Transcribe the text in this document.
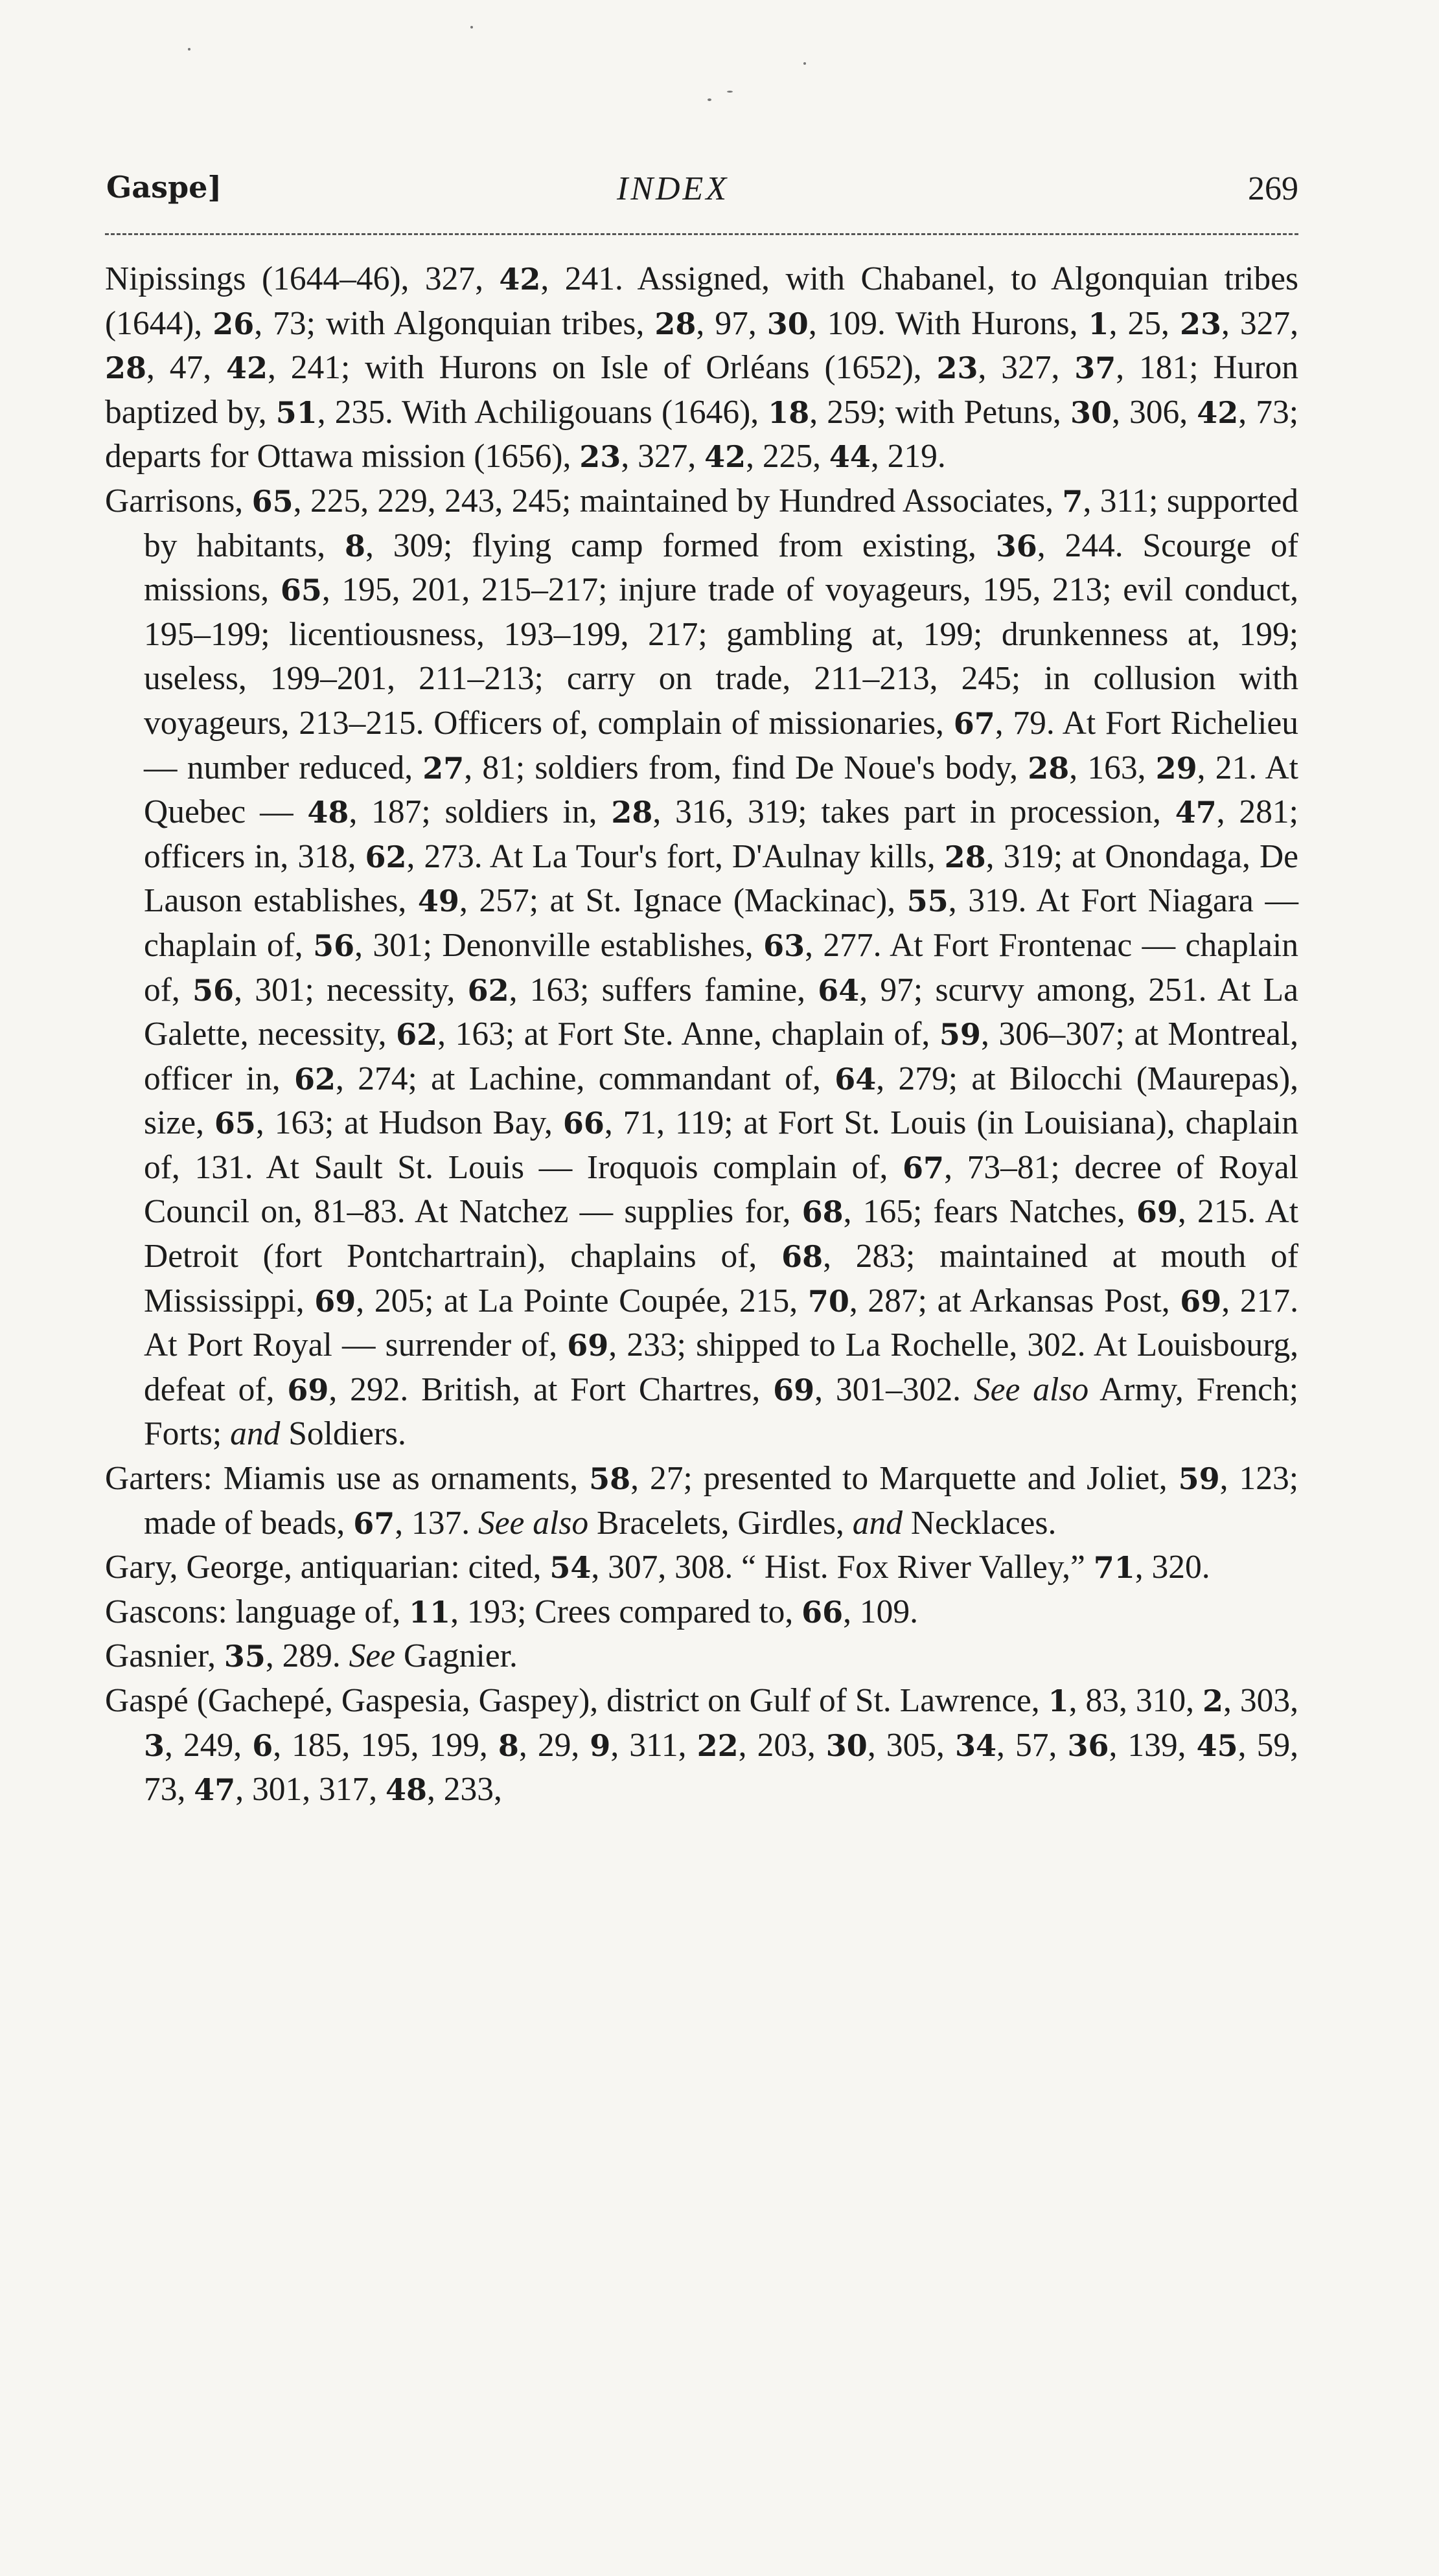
Gaspe]	INDEX	269

Nipissings (1644–46), 327, 42, 241. Assigned, with Chabanel, to Algonquian tribes (1644), 26, 73; with Algonquian tribes, 28, 97, 30, 109. With Hurons, 1, 25, 23, 327, 28, 47, 42, 241; with Hurons on Isle of Orléans (1652), 23, 327, 37, 181; Huron baptized by, 51, 235. With Achiligouans (1646), 18, 259; with Petuns, 30, 306, 42, 73; departs for Ottawa mission (1656), 23, 327, 42, 225, 44, 219.

Garrisons, 65, 225, 229, 243, 245; maintained by Hundred Associates, 7, 311; supported by habitants, 8, 309; flying camp formed from existing, 36, 244. Scourge of missions, 65, 195, 201, 215–217; injure trade of voyageurs, 195, 213; evil conduct, 195–199; licentiousness, 193–199, 217; gambling at, 199; drunkenness at, 199; useless, 199–201, 211–213; carry on trade, 211–213, 245; in collusion with voyageurs, 213–215. Officers of, complain of missionaries, 67, 79. At Fort Richelieu — number reduced, 27, 81; soldiers from, find De Noue's body, 28, 163, 29, 21. At Quebec — 48, 187; soldiers in, 28, 316, 319; takes part in procession, 47, 281; officers in, 318, 62, 273. At La Tour's fort, D'Aulnay kills, 28, 319; at Onondaga, De Lauson establishes, 49, 257; at St. Ignace (Mackinac), 55, 319. At Fort Niagara — chaplain of, 56, 301; Denonville establishes, 63, 277. At Fort Frontenac — chaplain of, 56, 301; necessity, 62, 163; suffers famine, 64, 97; scurvy among, 251. At La Galette, necessity, 62, 163; at Fort Ste. Anne, chaplain of, 59, 306–307; at Montreal, officer in, 62, 274; at Lachine, commandant of, 64, 279; at Bilocchi (Maurepas), size, 65, 163; at Hudson Bay, 66, 71, 119; at Fort St. Louis (in Louisiana), chaplain of, 131. At Sault St. Louis — Iroquois complain of, 67, 73–81; decree of Royal Council on, 81–83. At Natchez — supplies for, 68, 165; fears Natches, 69, 215. At Detroit (fort Pontchartrain), chaplains of, 68, 283; maintained at mouth of Mississippi, 69, 205; at La Pointe Coupée, 215, 70, 287; at Arkansas Post, 69, 217. At Port Royal — surrender of, 69, 233; shipped to La Rochelle, 302. At Louisbourg, defeat of, 69, 292. British, at Fort Chartres, 69, 301–302. See also Army, French; Forts; and Soldiers.

Garters: Miamis use as ornaments, 58, 27; presented to Marquette and Joliet, 59, 123; made of beads, 67, 137. See also Bracelets, Girdles, and Necklaces.

Gary, George, antiquarian: cited, 54, 307, 308. “ Hist. Fox River Valley,” 71, 320.

Gascons: language of, 11, 193; Crees compared to, 66, 109.

Gasnier, 35, 289. See Gagnier.

Gaspé (Gachepé, Gaspesia, Gaspey), district on Gulf of St. Lawrence, 1, 83, 310, 2, 303, 3, 249, 6, 185, 195, 199, 8, 29, 9, 311, 22, 203, 30, 305, 34, 57, 36, 139, 45, 59, 73, 47, 301, 317, 48, 233,
